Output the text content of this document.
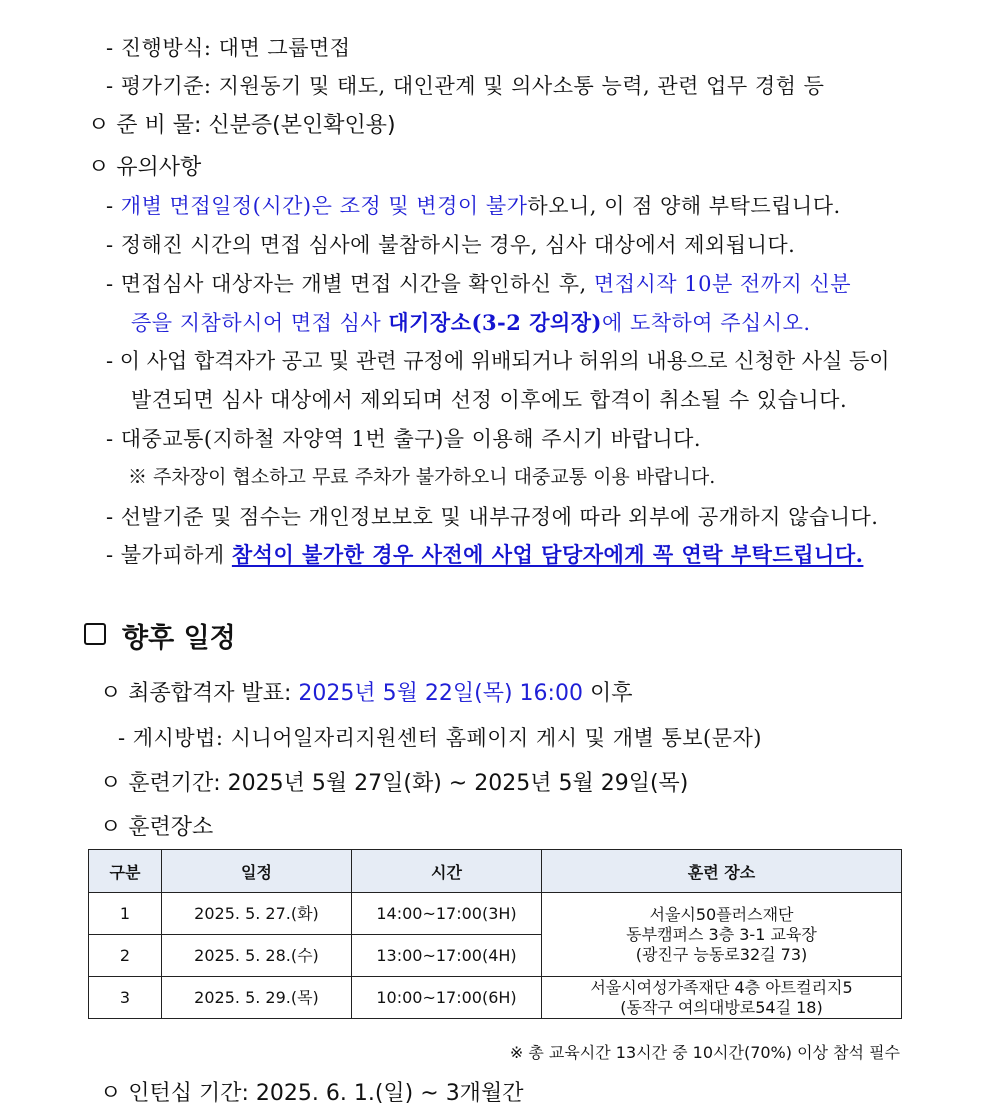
- 진행방식: 대면 그룹면접
- 평가기준: 지원동기 및 태도, 대인관계 및 의사소통 능력, 관련 업무 경험 등
ㅇ 준 비 물: 신분증(본인확인용)
ㅇ 유의사항
- 개별 면접일정(시간)은 조정 및 변경이 불가하오니, 이 점 양해 부탁드립니다.
- 정해진 시간의 면접 심사에 불참하시는 경우, 심사 대상에서 제외됩니다.
- 면접심사 대상자는 개별 면접 시간을 확인하신 후, 면접시작 10분 전까지 신분
증을 지참하시어 면접 심사 대기장소(3-2 강의장)에 도착하여 주십시오.
- 이 사업 합격자가 공고 및 관련 규정에 위배되거나 허위의 내용으로 신청한 사실 등이
발견되면 심사 대상에서 제외되며 선정 이후에도 합격이 취소될 수 있습니다.
- 대중교통(지하철 자양역 1번 출구)을 이용해 주시기 바랍니다.
※ 주차장이 협소하고 무료 주차가 불가하오니 대중교통 이용 바랍니다.
- 선발기준 및 점수는 개인정보보호 및 내부규정에 따라 외부에 공개하지 않습니다.
- 불가피하게 참석이 불가한 경우 사전에 사업 담당자에게 꼭 연락 부탁드립니다.
향후 일정
ㅇ 최종합격자 발표: 2025년 5월 22일(목) 16:00 이후
- 게시방법: 시니어일자리지원센터 홈페이지 게시 및 개별 통보(문자)
ㅇ 훈련기간: 2025년 5월 27일(화) ~ 2025년 5월 29일(목)
ㅇ 훈련장소
구분	일정	시간	훈련 장소
1	2025. 5. 27.(화)	14:00~17:00(3H)	서울시50플러스재단
동부캠퍼스 3층 3-1 교육장
(광진구 능동로32길 73)

2	2025. 5. 28.(수)	13:00~17:00(4H)	
3	2025. 5. 29.(목)	10:00~17:00(6H)	서울시여성가족재단 4층 아트컬리지5
(동작구 여의대방로54길 18)
※ 총 교육시간 13시간 중 10시간(70%) 이상 참석 필수
ㅇ 인턴십 기간: 2025. 6. 1.(일) ~ 3개월간
